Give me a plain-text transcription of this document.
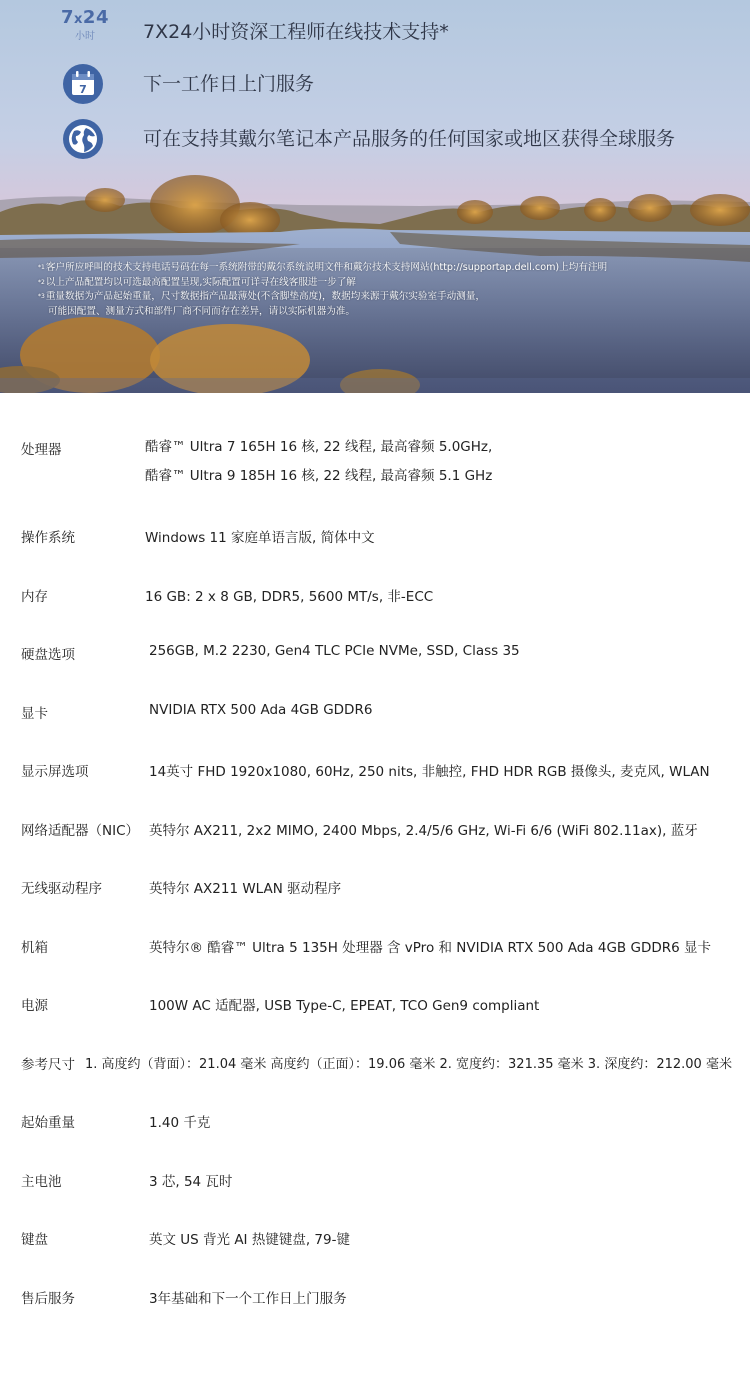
7x24
小时	7X24小时资深工程师在线技术支持*
7	下一工作日上门服务
可在支持其戴尔笔记本产品服务的任何国家或地区获得全球服务
$^{*1}$客户所应呼叫的技术支持电话号码在每一系统附带的戴尔系统说明文件和戴尔技术支持网站(http://supportap.dell.com)上均有注明
$^{*2}$以上产品配置均以可选最高配置呈现,实际配置可详寻在线客服进一步了解
$^{*3}$重量数据为产品起始重量，尺寸数据指产品最薄处(不含脚垫高度)，数据均来源于戴尔实验室手动测量，
可能因配置、测量方式和部件厂商不同而存在差异，请以实际机器为准。
处理器	酷睿™ Ultra 7 165H 16 核, 22 线程, 最高睿频 5.0GHz,
酷睿™ Ultra 9 185H 16 核, 22 线程, 最高睿频 5.1 GHz
操作系统	Windows 11 家庭单语言版, 简体中文
内存	16 GB: 2 x 8 GB, DDR5, 5600 MT/s, 非-ECC
硬盘选项	256GB, M.2 2230, Gen4 TLC PCIe NVMe, SSD, Class 35
显卡	NVIDIA RTX 500 Ada 4GB GDDR6
显示屏选项	14英寸 FHD 1920x1080, 60Hz, 250 nits, 非触控, FHD HDR RGB 摄像头, 麦克风, WLAN
网络适配器（NIC） 英特尔 AX211, 2x2 MIMO, 2400 Mbps, 2.4/5/6 GHz, Wi-Fi 6/6 (WiFi 802.11ax), 蓝牙
无线驱动程序	英特尔 AX211 WLAN 驱动程序
机箱	英特尔® 酷睿™ Ultra 5 135H 处理器 含 vPro 和 NVIDIA RTX 500 Ada 4GB GDDR6 显卡
电源	100W AC 适配器, USB Type-C, EPEAT, TCO Gen9 compliant
参考尺寸 1. 高度约（背面）：21.04 毫米 高度约（正面）：19.06 毫米 2. 宽度约：321.35 毫米 3. 深度约：212.00 毫米
起始重量	1.40 千克
主电池	3 芯, 54 瓦时
键盘	英文 US 背光 AI 热键键盘, 79-键
售后服务	3年基础和下一个工作日上门服务
